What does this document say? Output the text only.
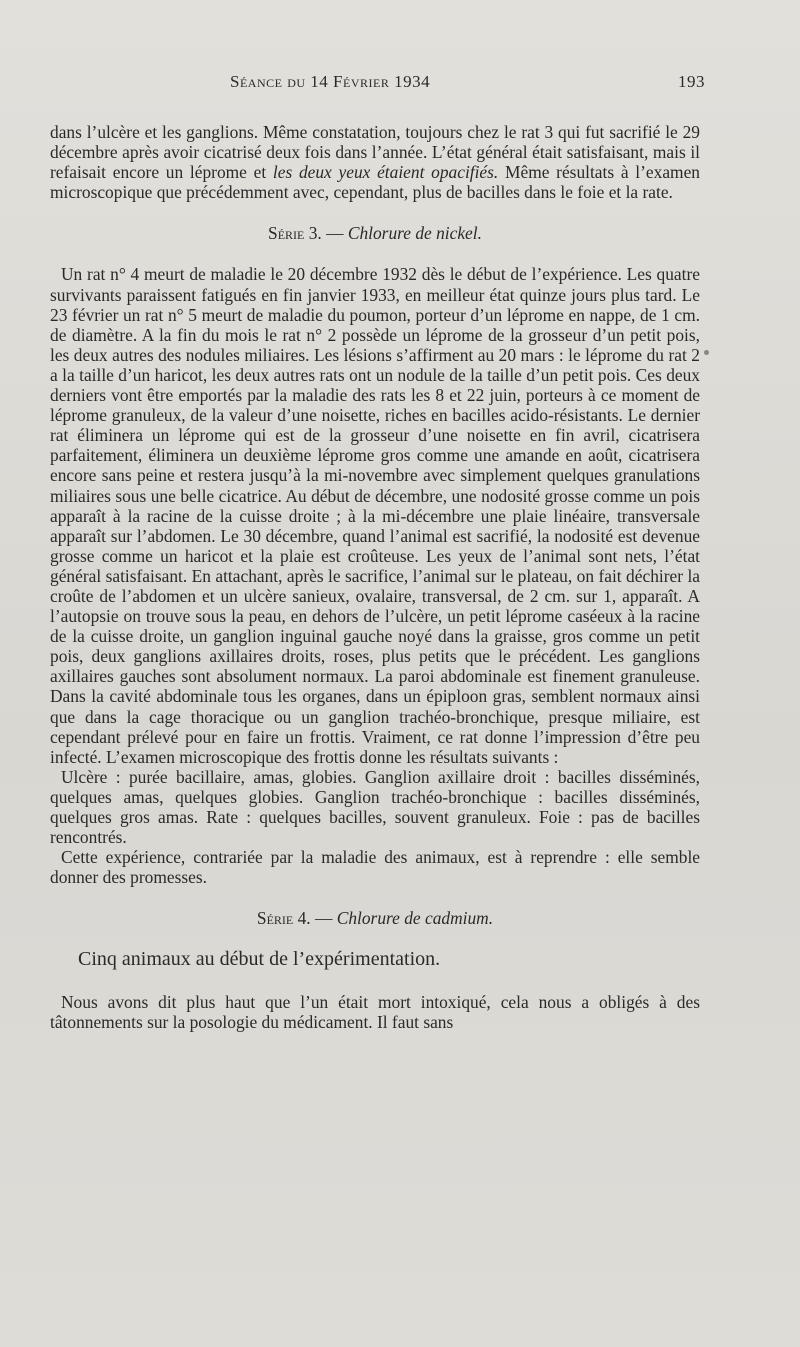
Séance du 14 Février 1934	193

dans l’ulcère et les ganglions. Même constatation, toujours chez le rat 3 qui fut sacrifié le 29 décembre après avoir cicatrisé deux fois dans l’année. L’état général était satisfaisant, mais il refaisait encore un léprome et les deux yeux étaient opacifiés. Même résultats à l’examen microscopique que précédemment avec, cependant, plus de bacilles dans le foie et la rate.

Série 3. — Chlorure de nickel.

Un rat n° 4 meurt de maladie le 20 décembre 1932 dès le début de l’expérience. Les quatre survivants paraissent fatigués en fin janvier 1933, en meilleur état quinze jours plus tard. Le 23 février un rat n° 5 meurt de maladie du poumon, porteur d’un léprome en nappe, de 1 cm. de diamètre. A la fin du mois le rat n° 2 possède un léprome de la grosseur d’un petit pois, les deux autres des nodules miliaires. Les lésions s’affirment au 20 mars : le léprome du rat 2 a la taille d’un haricot, les deux autres rats ont un nodule de la taille d’un petit pois. Ces deux derniers vont être emportés par la maladie des rats les 8 et 22 juin, porteurs à ce moment de léprome granuleux, de la valeur d’une noisette, riches en bacilles acido-résistants. Le dernier rat éliminera un léprome qui est de la grosseur d’une noisette en fin avril, cicatrisera parfaitement, éliminera un deuxième léprome gros comme une amande en août, cicatrisera encore sans peine et restera jusqu’à la mi-novembre avec simplement quelques granulations miliaires sous une belle cicatrice. Au début de décembre, une nodosité grosse comme un pois apparaît à la racine de la cuisse droite ; à la mi-décembre une plaie linéaire, transversale apparaît sur l’abdomen. Le 30 décembre, quand l’animal est sacrifié, la nodosité est devenue grosse comme un haricot et la plaie est croûteuse. Les yeux de l’animal sont nets, l’état général satisfaisant. En attachant, après le sacrifice, l’animal sur le plateau, on fait déchirer la croûte de l’abdomen et un ulcère sanieux, ovalaire, transversal, de 2 cm. sur 1, apparaît. A l’autopsie on trouve sous la peau, en dehors de l’ulcère, un petit léprome caséeux à la racine de la cuisse droite, un ganglion inguinal gauche noyé dans la graisse, gros comme un petit pois, deux ganglions axillaires droits, roses, plus petits que le précédent. Les ganglions axillaires gauches sont absolument normaux. La paroi abdominale est finement granuleuse. Dans la cavité abdominale tous les organes, dans un épiploon gras, semblent normaux ainsi que dans la cage thoracique ou un ganglion trachéo-bronchique, presque miliaire, est cependant prélevé pour en faire un frottis. Vraiment, ce rat donne l’impression d’être peu infecté. L’examen microscopique des frottis donne les résultats suivants :

Ulcère : purée bacillaire, amas, globies. Ganglion axillaire droit : bacilles disséminés, quelques amas, quelques globies. Ganglion trachéo-bronchique : bacilles disséminés, quelques gros amas. Rate : quelques bacilles, souvent granuleux. Foie : pas de bacilles rencontrés.

Cette expérience, contrariée par la maladie des animaux, est à reprendre : elle semble donner des promesses.

Série 4. — Chlorure de cadmium.
Cinq animaux au début de l’expérimentation.

Nous avons dit plus haut que l’un était mort intoxiqué, cela nous a obligés à des tâtonnements sur la posologie du médicament. Il faut sans
